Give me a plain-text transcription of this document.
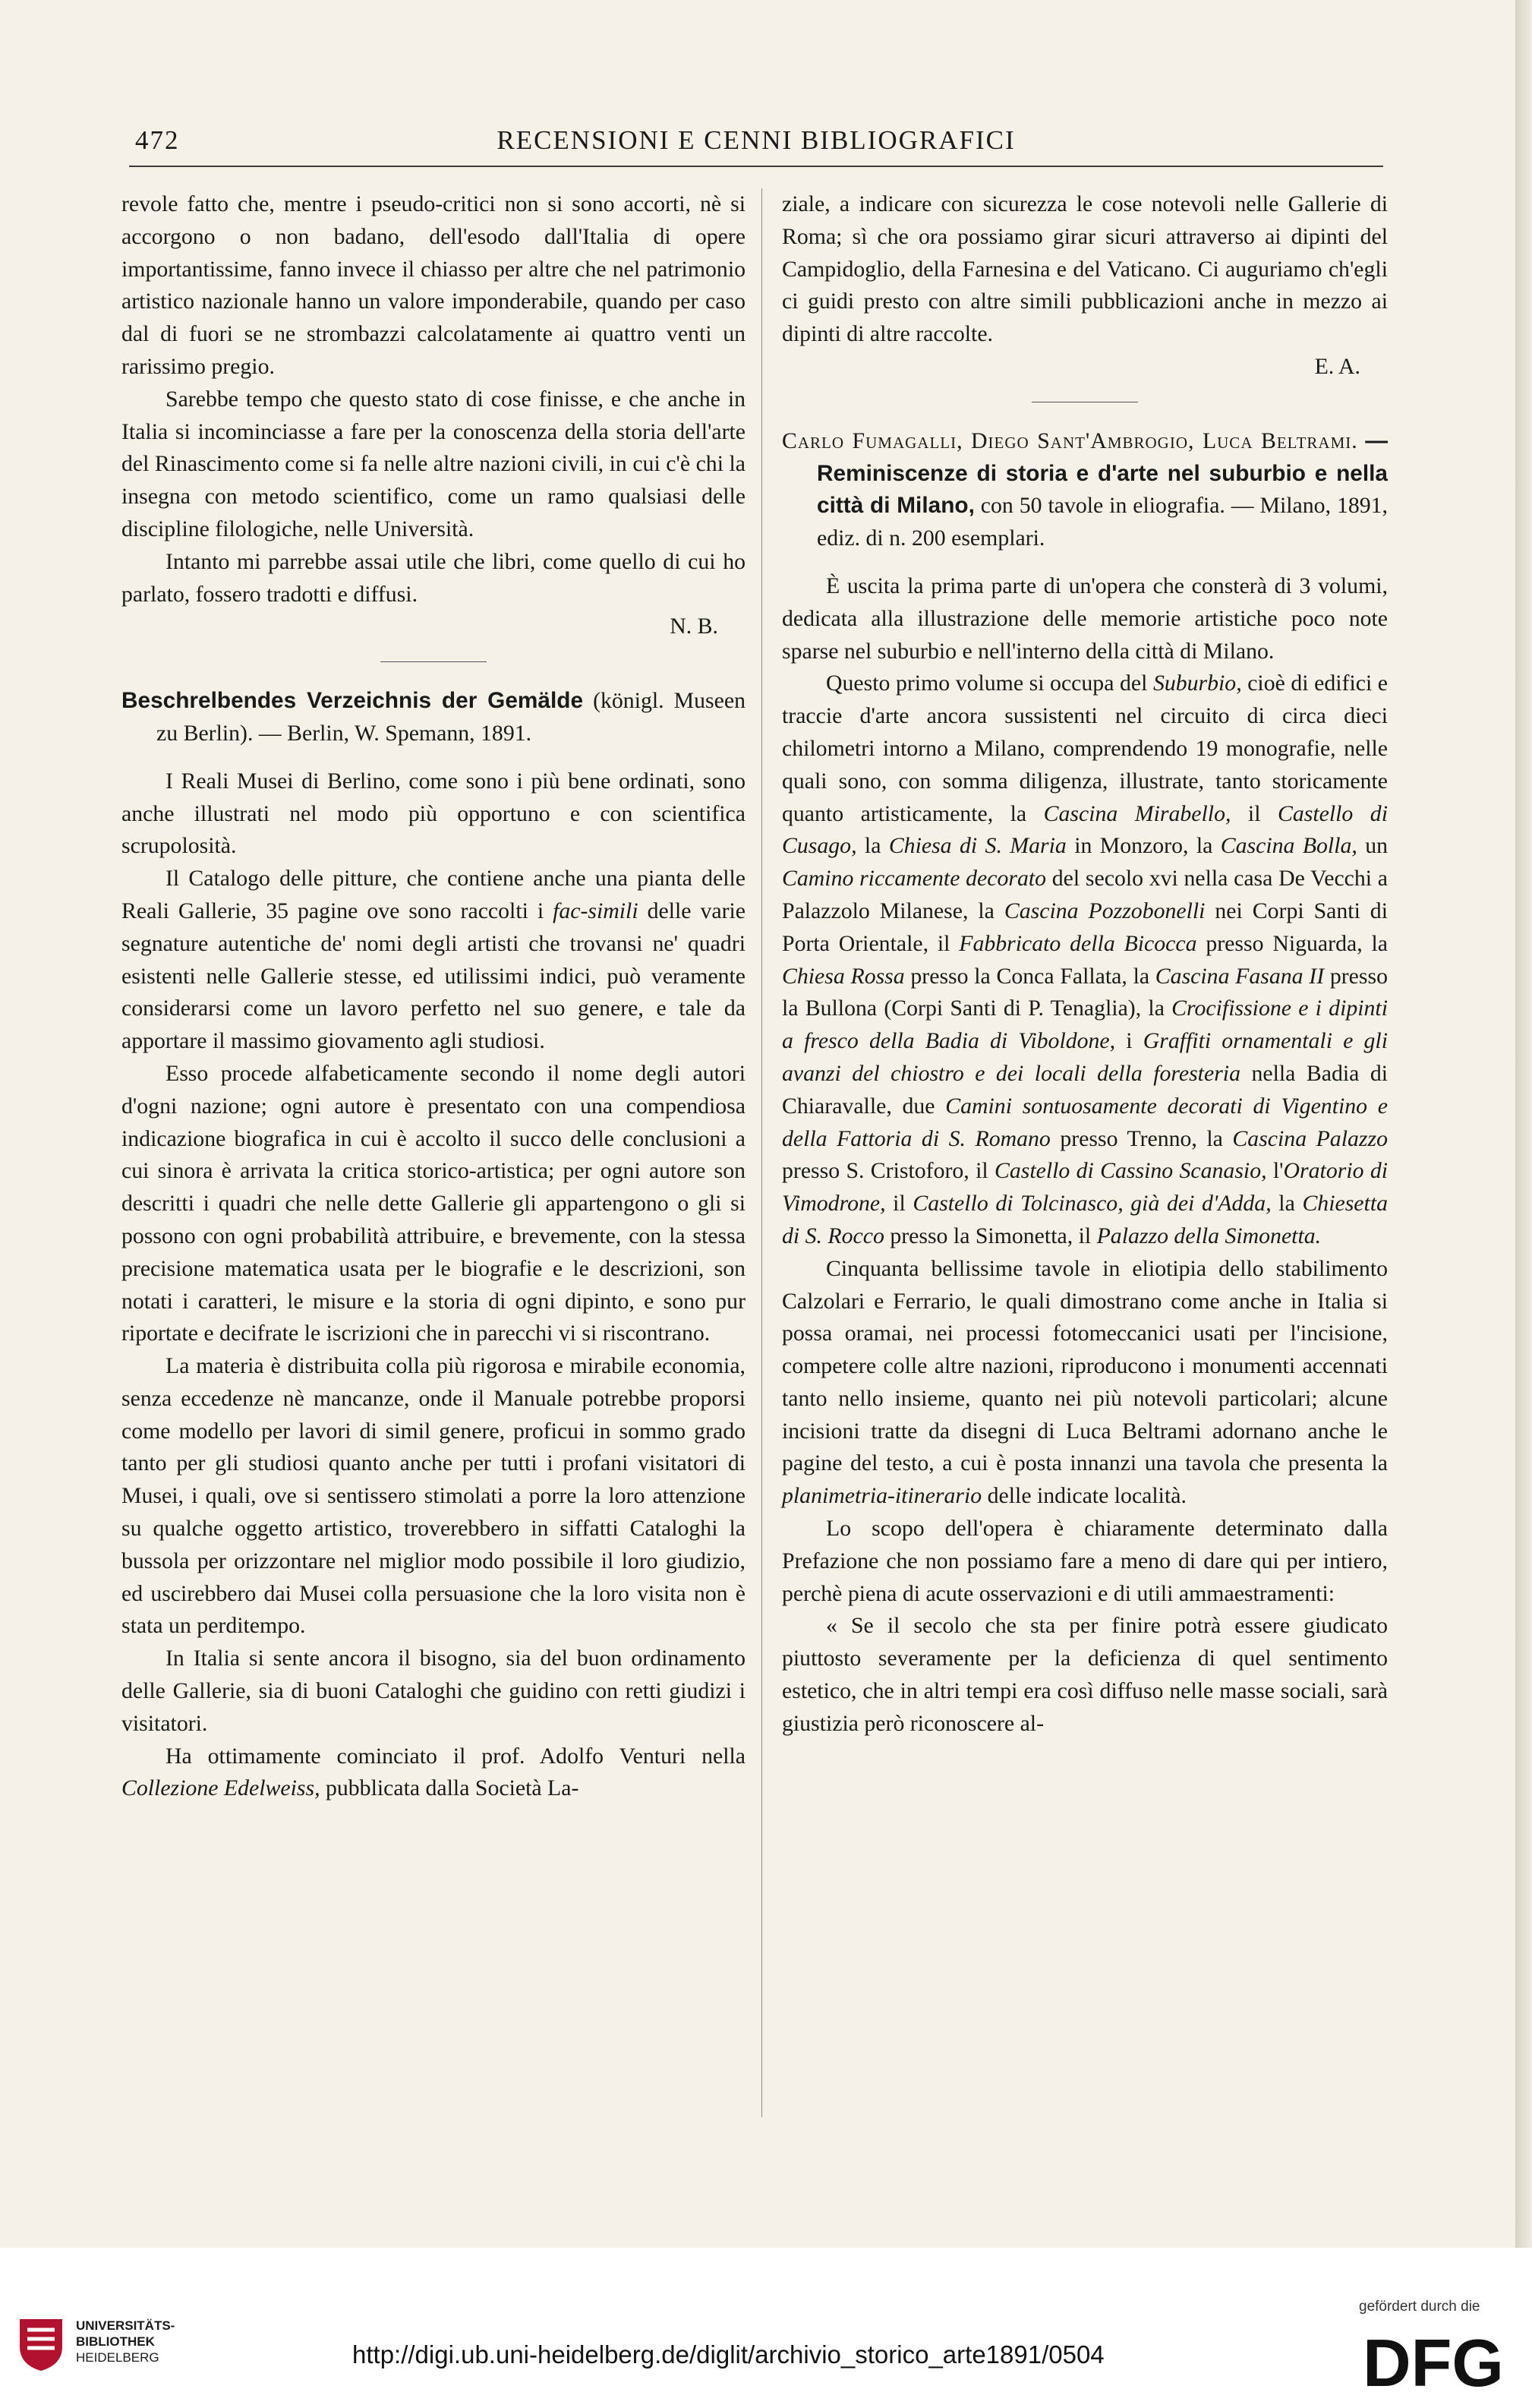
472	RECENSIONI E CENNI BIBLIOGRAFICI

revole fatto che, mentre i pseudo-critici non si sono accorti, nè si accorgono o non badano, dell'esodo dall'Italia di opere importantissime, fanno invece il chiasso per altre che nel patrimonio artistico nazionale hanno un valore imponderabile, quando per caso dal di fuori se ne strombazzi calcolatamente ai quattro venti un rarissimo pregio.

Sarebbe tempo che questo stato di cose finisse, e che anche in Italia si incominciasse a fare per la conoscenza della storia dell'arte del Rinascimento come si fa nelle altre nazioni civili, in cui c'è chi la insegna con metodo scientifico, come un ramo qualsiasi delle discipline filologiche, nelle Università.

Intanto mi parrebbe assai utile che libri, come quello di cui ho parlato, fossero tradotti e diffusi.

N. B.

Beschrelbendes Verzeichnis der Gemälde (königl. Museen zu Berlin). — Berlin, W. Spemann, 1891.

I Reali Musei di Berlino, come sono i più bene ordinati, sono anche illustrati nel modo più opportuno e con scientifica scrupolosità.

Il Catalogo delle pitture, che contiene anche una pianta delle Reali Gallerie, 35 pagine ove sono raccolti i fac-simili delle varie segnature autentiche de' nomi degli artisti che trovansi ne' quadri esistenti nelle Gallerie stesse, ed utilissimi indici, può veramente considerarsi come un lavoro perfetto nel suo genere, e tale da apportare il massimo giovamento agli studiosi.

Esso procede alfabeticamente secondo il nome degli autori d'ogni nazione; ogni autore è presentato con una compendiosa indicazione biografica in cui è accolto il succo delle conclusioni a cui sinora è arrivata la critica storico-artistica; per ogni autore son descritti i quadri che nelle dette Gallerie gli appartengono o gli si possono con ogni probabilità attribuire, e brevemente, con la stessa precisione matematica usata per le biografie e le descrizioni, son notati i caratteri, le misure e la storia di ogni dipinto, e sono pur riportate e decifrate le iscrizioni che in parecchi vi si riscontrano.

La materia è distribuita colla più rigorosa e mirabile economia, senza eccedenze nè mancanze, onde il Manuale potrebbe proporsi come modello per lavori di simil genere, proficui in sommo grado tanto per gli studiosi quanto anche per tutti i profani visitatori di Musei, i quali, ove si sentissero stimolati a porre la loro attenzione su qualche oggetto artistico, troverebbero in siffatti Cataloghi la bussola per orizzontare nel miglior modo possibile il loro giudizio, ed uscirebbero dai Musei colla persuasione che la loro visita non è stata un perditempo.

In Italia si sente ancora il bisogno, sia del buon ordinamento delle Gallerie, sia di buoni Cataloghi che guidino con retti giudizi i visitatori.

Ha ottimamente cominciato il prof. Adolfo Venturi nella Collezione Edelweiss, pubblicata dalla Società La-

ziale, a indicare con sicurezza le cose notevoli nelle Gallerie di Roma; sì che ora possiamo girar sicuri attraverso ai dipinti del Campidoglio, della Farnesina e del Vaticano. Ci auguriamo ch'egli ci guidi presto con altre simili pubblicazioni anche in mezzo ai dipinti di altre raccolte.

E. A.

Carlo Fumagalli, Diego Sant'Ambrogio, Luca Beltrami. — Reminiscenze di storia e d'arte nel suburbio e nella città di Milano, con 50 tavole in eliografia. — Milano, 1891, ediz. di n. 200 esemplari.

È uscita la prima parte di un'opera che consterà di 3 volumi, dedicata alla illustrazione delle memorie artistiche poco note sparse nel suburbio e nell'interno della città di Milano.

Questo primo volume si occupa del Suburbio, cioè di edifici e traccie d'arte ancora sussistenti nel circuito di circa dieci chilometri intorno a Milano, comprendendo 19 monografie, nelle quali sono, con somma diligenza, illustrate, tanto storicamente quanto artisticamente, la Cascina Mirabello, il Castello di Cusago, la Chiesa di S. Maria in Monzoro, la Cascina Bolla, un Camino riccamente decorato del secolo xvi nella casa De Vecchi a Palazzolo Milanese, la Cascina Pozzobonelli nei Corpi Santi di Porta Orientale, il Fabbricato della Bicocca presso Niguarda, la Chiesa Rossa presso la Conca Fallata, la Cascina Fasana II presso la Bullona (Corpi Santi di P. Tenaglia), la Crocifissione e i dipinti a fresco della Badia di Viboldone, i Graffiti ornamentali e gli avanzi del chiostro e dei locali della foresteria nella Badia di Chiaravalle, due Camini sontuosamente decorati di Vigentino e della Fattoria di S. Romano presso Trenno, la Cascina Palazzo presso S. Cristoforo, il Castello di Cassino Scanasio, l'Oratorio di Vimodrone, il Castello di Tolcinasco, già dei d'Adda, la Chiesetta di S. Rocco presso la Simonetta, il Palazzo della Simonetta.

Cinquanta bellissime tavole in eliotipia dello stabilimento Calzolari e Ferrario, le quali dimostrano come anche in Italia si possa oramai, nei processi fotomeccanici usati per l'incisione, competere colle altre nazioni, riproducono i monumenti accennati tanto nello insieme, quanto nei più notevoli particolari; alcune incisioni tratte da disegni di Luca Beltrami adornano anche le pagine del testo, a cui è posta innanzi una tavola che presenta la planimetria-itinerario delle indicate località.

Lo scopo dell'opera è chiaramente determinato dalla Prefazione che non possiamo fare a meno di dare qui per intiero, perchè piena di acute osservazioni e di utili ammaestramenti:

« Se il secolo che sta per finire potrà essere giudicato piuttosto severamente per la deficienza di quel sentimento estetico, che in altri tempi era così diffuso nelle masse sociali, sarà giustizia però riconoscere al-

UNIVERSITÄTS-
BIBLIOTHEK
HEIDELBERG	http://digi.ub.uni-heidelberg.de/diglit/archivio_storico_arte1891/0504
gefördert durch die
DFG
